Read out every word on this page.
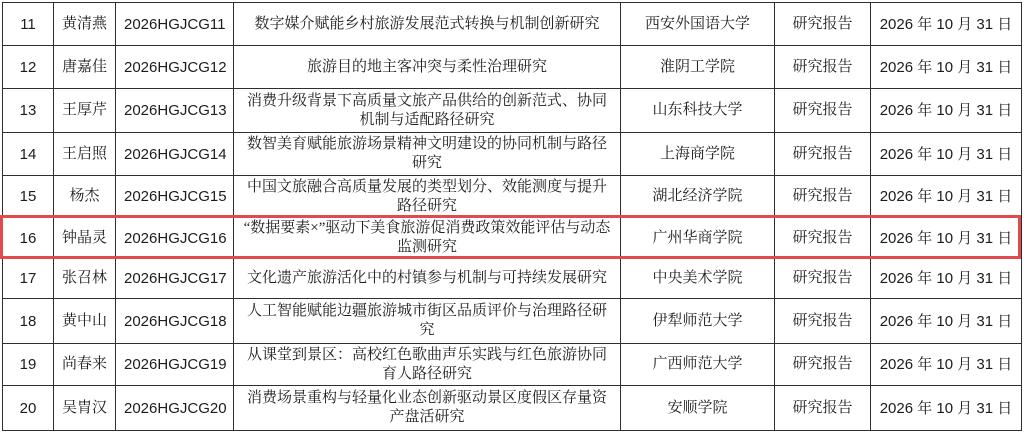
11	黄清燕	2026HGJCG11	数字媒介赋能乡村旅游发展范式转换与机制创新研究	西安外国语大学	研究报告	2026 年 10 月 31 日
12	唐嘉佳	2026HGJCG12	旅游目的地主客冲突与柔性治理研究	淮阴工学院	研究报告	2026 年 10 月 31 日
13	王厚芹	2026HGJCG13	消费升级背景下高质量文旅产品供给的创新范式、协同机制与适配路径研究	山东科技大学	研究报告	2026 年 10 月 31 日
14	王启照	2026HGJCG14	数智美育赋能旅游场景精神文明建设的协同机制与路径研究	上海商学院	研究报告	2026 年 10 月 31 日
15	杨杰	2026HGJCG15	中国文旅融合高质量发展的类型划分、效能测度与提升路径研究	湖北经济学院	研究报告	2026 年 10 月 31 日
16	钟晶灵	2026HGJCG16	“数据要素×”驱动下美食旅游促消费政策效能评估与动态监测研究	广州华商学院	研究报告	2026 年 10 月 31 日
17	张召林	2026HGJCG17	文化遗产旅游活化中的村镇参与机制与可持续发展研究	中央美术学院	研究报告	2026 年 10 月 31 日
18	黄中山	2026HGJCG18	人工智能赋能边疆旅游城市街区品质评价与治理路径研究	伊犁师范大学	研究报告	2026 年 10 月 31 日
19	尚春来	2026HGJCG19	从课堂到景区：高校红色歌曲声乐实践与红色旅游协同育人路径研究	广西师范大学	研究报告	2026 年 10 月 31 日
20	吴胄汉	2026HGJCG20	消费场景重构与轻量化业态创新驱动景区度假区存量资产盘活研究	安顺学院	研究报告	2026 年 10 月 31 日
